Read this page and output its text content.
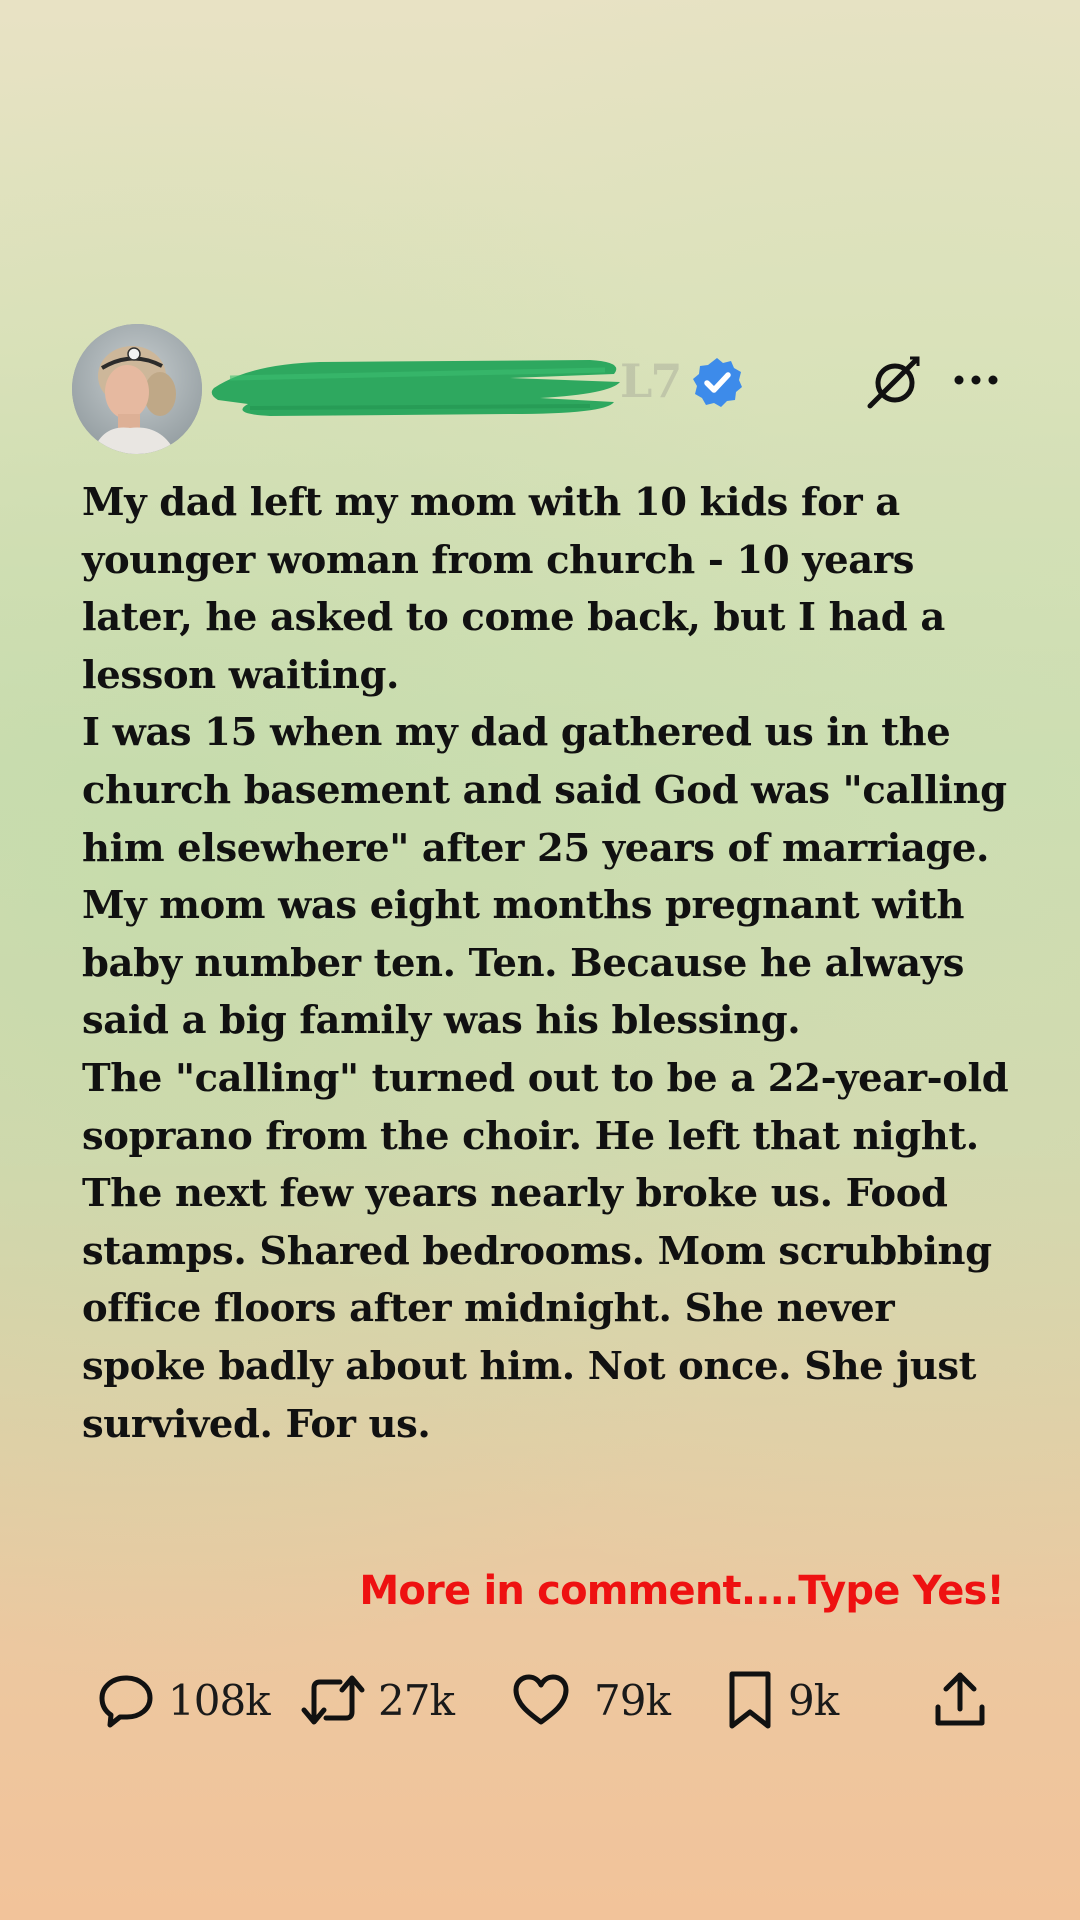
L7

My dad left my mom with 10 kids for a younger woman from church - 10 years later, he asked to come back, but I had a lesson waiting.

I was 15 when my dad gathered us in the church basement and said God was "calling him elsewhere" after 25 years of marriage.

My mom was eight months pregnant with baby number ten. Ten. Because he always said a big family was his blessing.

The "calling" turned out to be a 22-year-old soprano from the choir. He left that night.

The next few years nearly broke us. Food stamps. Shared bedrooms. Mom scrubbing office floors after midnight. She never spoke badly about him. Not once. She just survived. For us.

More in comment....Type Yes!
108k	27k	79k	9k
